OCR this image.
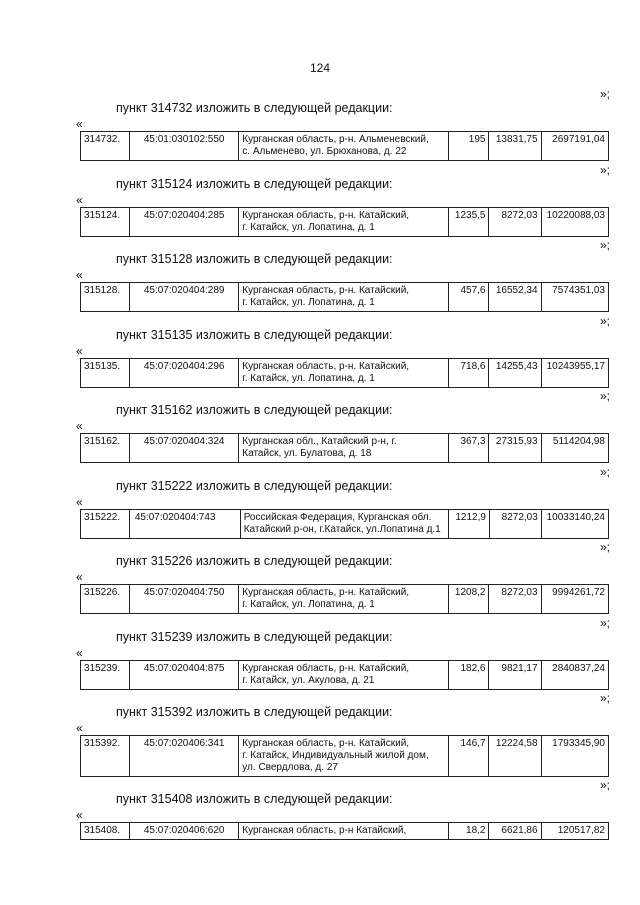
124
»;
пункт 314732 изложить в следующей редакции:
«
314732.	45:01:030102:550	Курганская область, р-н. Альменевский,
с. Альменево, ул. Брюханова, д. 22
	195	13831,75	2697191,04
»;
пункт 315124 изложить в следующей редакции:
«
315124.	45:07:020404:285	Курганская область, р-н. Катайский,
г. Катайск, ул. Лопатина, д. 1
	1235,5	8272,03	10220088,03
»;
пункт 315128 изложить в следующей редакции:
«
315128.	45:07:020404:289	Курганская область, р-н. Катайский,
г. Катайск, ул. Лопатина, д. 1
	457,6	16552,34	7574351,03
»;
пункт 315135 изложить в следующей редакции:
«
315135.	45:07:020404:296	Курганская область, р-н. Катайский,
г. Катайск, ул. Лопатина, д. 1
	718,6	14255,43	10243955,17
»;
пункт 315162 изложить в следующей редакции:
«
315162.	45:07:020404:324	Курганская обл., Катайский р-н, г.
Катайск, ул. Булатова, д. 18
	367,3	27315,93	5114204,98
»;
пункт 315222 изложить в следующей редакции:
«
315222.	45:07:020404:743	Российская Федерация, Курганская обл.
Катайский р-он, г.Катайск, ул.Лопатина д.1
	1212,9	8272,03	10033140,24
»;
пункт 315226 изложить в следующей редакции:
«
315226.	45:07:020404:750	Курганская область, р-н. Катайский,
г. Катайск, ул. Лопатина, д. 1
	1208,2	8272,03	9994261,72
»;
пункт 315239 изложить в следующей редакции:
«
315239.	45:07:020404:875	Курганская область, р-н. Катайский,
г. Катайск, ул. Акулова, д. 21
	182,6	9821,17	2840837,24
»;
пункт 315392 изложить в следующей редакции:
«
315392.	45:07:020406:341	Курганская область, р-н. Катайский,
г. Катайск, Индивидуальный жилой дом,
ул. Свердлова, д. 27
	146,7	12224,58	1793345,90
»;
пункт 315408 изложить в следующей редакции:
«
315408.	45:07:020406:620	Курганская область, р-н Катайский,	18,2	6621,86	120517,82
